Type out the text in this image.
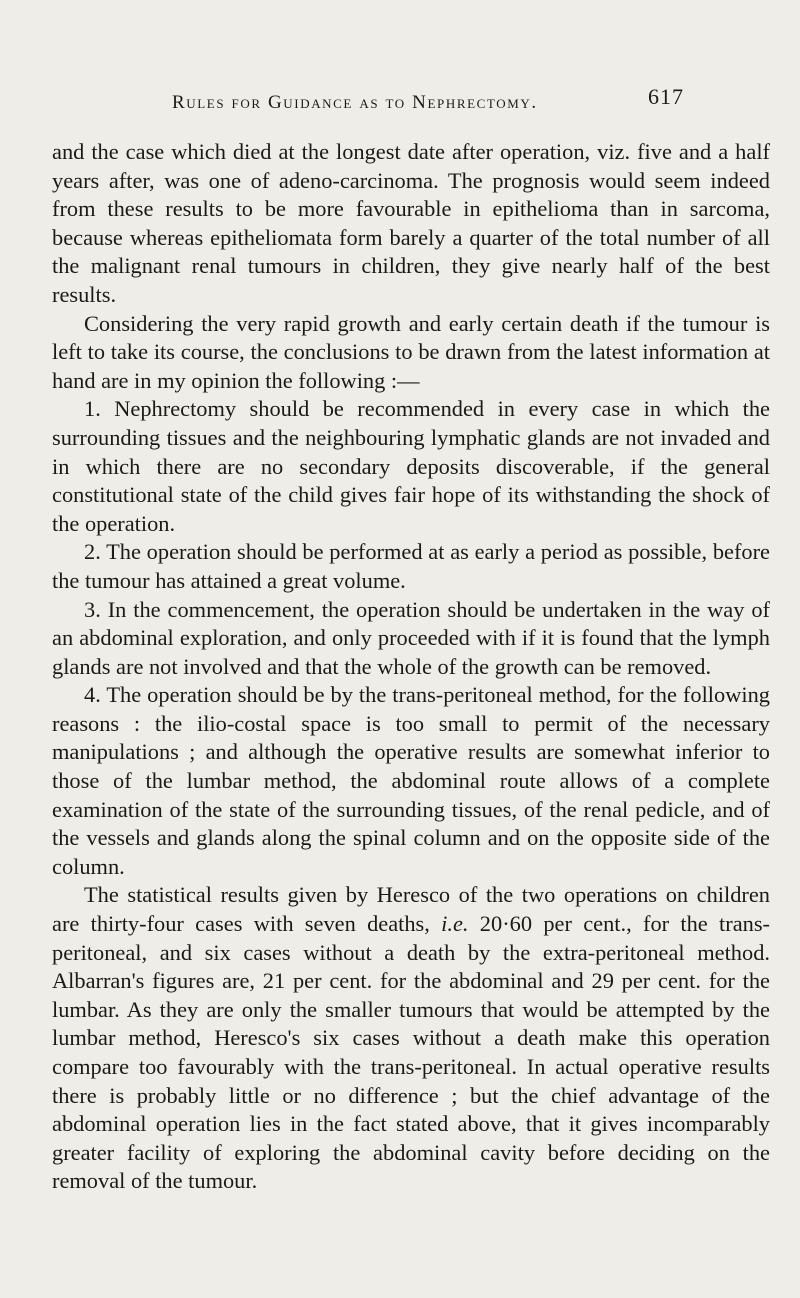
Rules for Guidance as to Nephrectomy.	617

and the case which died at the longest date after operation, viz. five and a half years after, was one of adeno-carcinoma. The prognosis would seem indeed from these results to be more favourable in epithelioma than in sarcoma, because whereas epitheliomata form barely a quarter of the total number of all the malignant renal tumours in children, they give nearly half of the best results.

Considering the very rapid growth and early certain death if the tumour is left to take its course, the conclusions to be drawn from the latest information at hand are in my opinion the following :—

1. Nephrectomy should be recommended in every case in which the surrounding tissues and the neighbouring lymphatic glands are not invaded and in which there are no secondary deposits discoverable, if the general constitutional state of the child gives fair hope of its withstanding the shock of the operation.

2. The operation should be performed at as early a period as possible, before the tumour has attained a great volume.

3. In the commencement, the operation should be undertaken in the way of an abdominal exploration, and only proceeded with if it is found that the lymph glands are not involved and that the whole of the growth can be removed.

4. The operation should be by the trans-peritoneal method, for the following reasons : the ilio-costal space is too small to permit of the necessary manipulations ; and although the operative results are somewhat inferior to those of the lumbar method, the abdominal route allows of a complete examination of the state of the surrounding tissues, of the renal pedicle, and of the vessels and glands along the spinal column and on the opposite side of the column.

The statistical results given by Heresco of the two operations on children are thirty-four cases with seven deaths, i.e. 20·60 per cent., for the trans-peritoneal, and six cases without a death by the extra-peritoneal method. Albarran's figures are, 21 per cent. for the abdominal and 29 per cent. for the lumbar. As they are only the smaller tumours that would be attempted by the lumbar method, Heresco's six cases without a death make this operation compare too favourably with the trans-peritoneal. In actual operative results there is probably little or no difference ; but the chief advantage of the abdominal operation lies in the fact stated above, that it gives incomparably greater facility of exploring the abdominal cavity before deciding on the removal of the tumour.
